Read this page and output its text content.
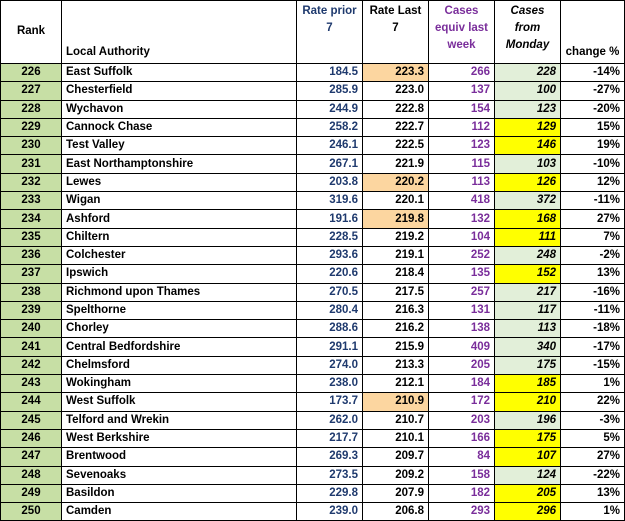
Rank	Local Authority	Rate prior 7	Rate Last 7	Cases equiv last week	Cases from Monday	change %
226	East Suffolk	184.5	223.3	266	228	-14%
227	Chesterfield	285.9	223.0	137	100	-27%
228	Wychavon	244.9	222.8	154	123	-20%
229	Cannock Chase	258.2	222.7	112	129	15%
230	Test Valley	246.1	222.5	123	146	19%
231	East Northamptonshire	267.1	221.9	115	103	-10%
232	Lewes	203.8	220.2	113	126	12%
233	Wigan	319.6	220.1	418	372	-11%
234	Ashford	191.6	219.8	132	168	27%
235	Chiltern	228.5	219.2	104	111	7%
236	Colchester	293.6	219.1	252	248	-2%
237	Ipswich	220.6	218.4	135	152	13%
238	Richmond upon Thames	270.5	217.5	257	217	-16%
239	Spelthorne	280.4	216.3	131	117	-11%
240	Chorley	288.6	216.2	138	113	-18%
241	Central Bedfordshire	291.1	215.9	409	340	-17%
242	Chelmsford	274.0	213.3	205	175	-15%
243	Wokingham	238.0	212.1	184	185	1%
244	West Suffolk	173.7	210.9	172	210	22%
245	Telford and Wrekin	262.0	210.7	203	196	-3%
246	West Berkshire	217.7	210.1	166	175	5%
247	Brentwood	269.3	209.7	84	107	27%
248	Sevenoaks	273.5	209.2	158	124	-22%
249	Basildon	229.8	207.9	182	205	13%
250	Camden	239.0	206.8	293	296	1%
